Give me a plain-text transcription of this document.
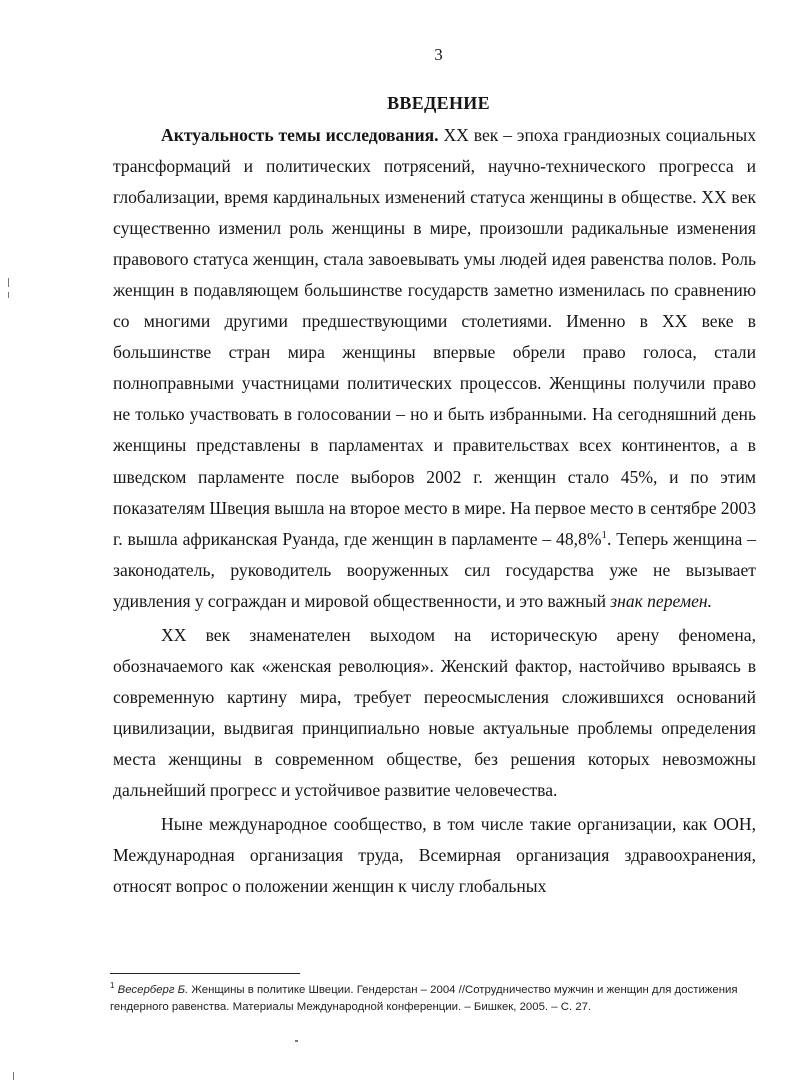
3
ВВЕДЕНИЕ

Актуальность темы исследования. XX век – эпоха грандиозных социальных трансформаций и политических потрясений, научно-технического прогресса и глобализации, время кардинальных изменений статуса женщины в обществе. XX век существенно изменил роль женщины в мире, произошли радикальные изменения правового статуса женщин, стала завоевывать умы людей идея равенства полов. Роль женщин в подавляющем большинстве государств заметно изменилась по сравнению со многими другими предшествующими столетиями. Именно в XX веке в большинстве стран мира женщины впервые обрели право голоса, стали полноправными участницами политических процессов. Женщины получили право не только участвовать в голосовании – но и быть избранными. На сегодняшний день женщины представлены в парламентах и правительствах всех континентов, а в шведском парламенте после выборов 2002 г. женщин стало 45%, и по этим показателям Швеция вышла на второе место в мире. На первое место в сентябре 2003 г. вышла африканская Руанда, где женщин в парламенте – 48,8%$^1$. Теперь женщина – законодатель, руководитель вооруженных сил государства уже не вызывает удивления у сограждан и мировой общественности, и это важный знак перемен.

XX век знаменателен выходом на историческую арену феномена, обозначаемого как «женская революция». Женский фактор, настойчиво врываясь в современную картину мира, требует переосмысления сложившихся оснований цивилизации, выдвигая принципиально новые актуальные проблемы определения места женщины в современном обществе, без решения которых невозможны дальнейший прогресс и устойчивое развитие человечества.

Ныне международное сообщество, в том числе такие организации, как ООН, Международная организация труда, Всемирная организация здравоохранения, относят вопрос о положении женщин к числу глобальных

$^1$ Весерберг Б. Женщины в политике Швеции. Гендерстан – 2004 //Сотрудничество мужчин и женщин для достижения гендерного равенства. Материалы Международной конференции. – Бишкек, 2005. – С. 27.
